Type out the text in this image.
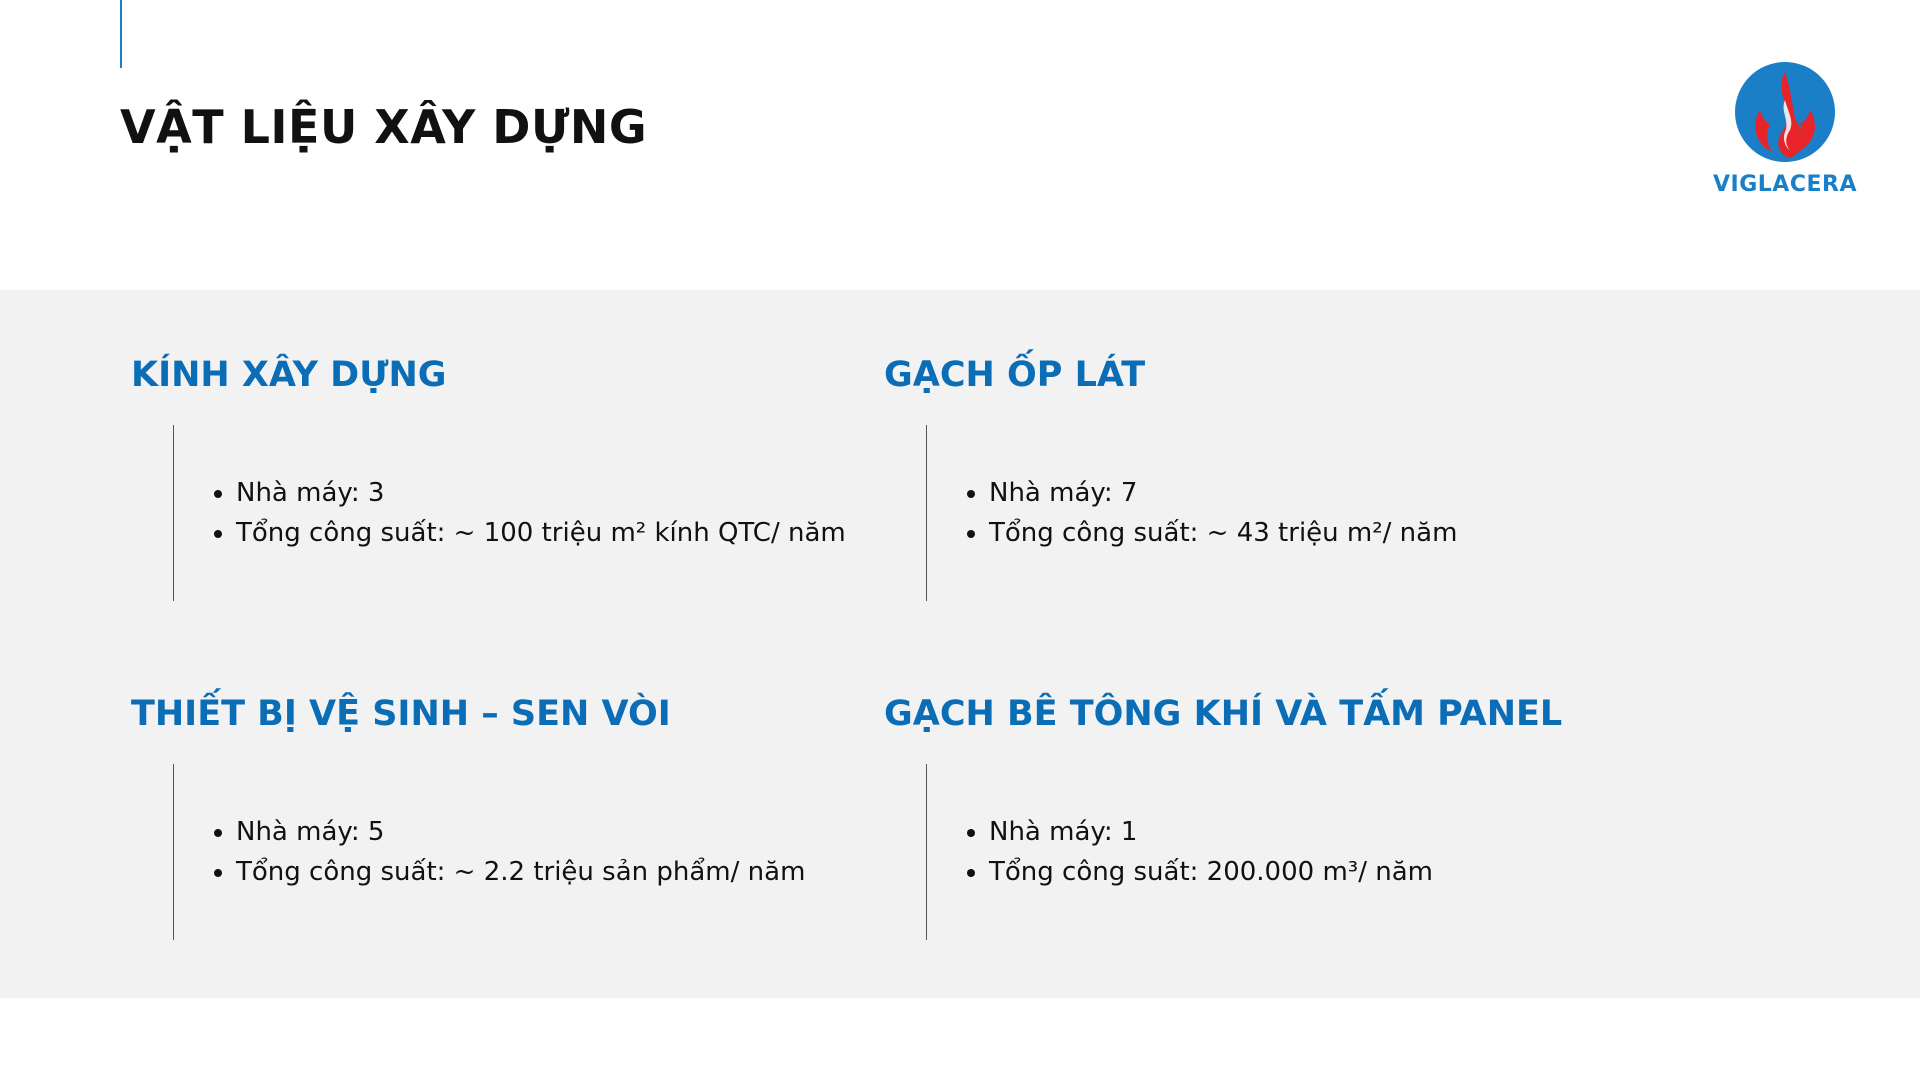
VẬT LIỆU XÂY DỰNG
VIGLACERA
KÍNH XÂY DỰNG
• Nhà máy: 3
• Tổng công suất: ~ 100 triệu m² kính QTC/ năm
GẠCH ỐP LÁT
• Nhà máy: 7
• Tổng công suất: ~ 43 triệu m²/ năm
THIẾT BỊ VỆ SINH – SEN VÒI
• Nhà máy: 5
• Tổng công suất: ~ 2.2 triệu sản phẩm/ năm
GẠCH BÊ TÔNG KHÍ VÀ TẤM PANEL
• Nhà máy: 1
• Tổng công suất: 200.000 m³/ năm
